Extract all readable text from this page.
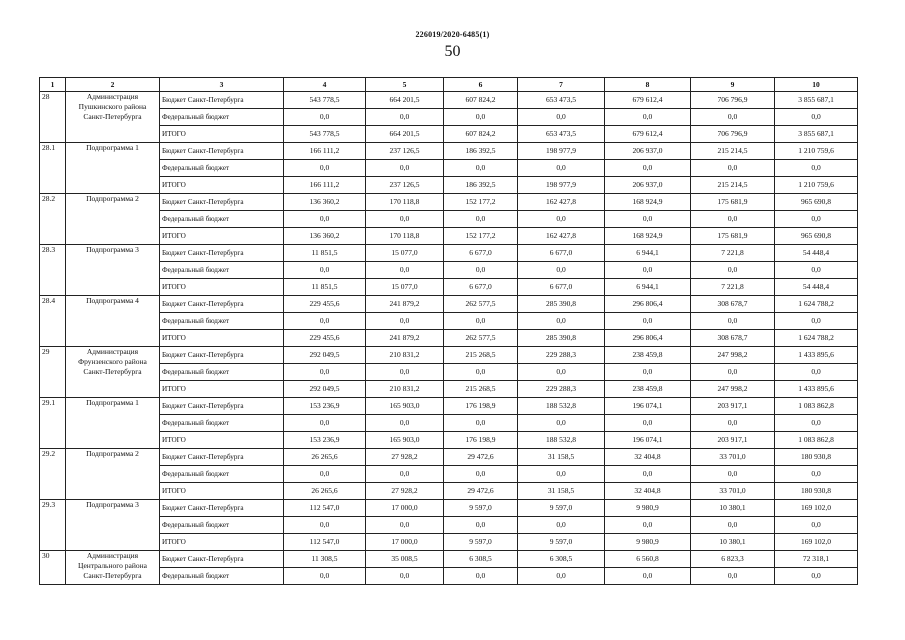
226019/2020-6485(1)
50
1	2	3	4	5	6	7	8	9	10
28	Администрация Пушкинского района Санкт-Петербурга	Бюджет Санкт-Петербурга	543 778,5	664 201,5	607 824,2	653 473,5	679 612,4	706 796,9	3 855 687,1
		Федеральный бюджет	0,0	0,0	0,0	0,0	0,0	0,0	0,0
		ИТОГО	543 778,5	664 201,5	607 824,2	653 473,5	679 612,4	706 796,9	3 855 687,1
28.1	Подпрограмма 1	Бюджет Санкт-Петербурга	166 111,2	237 126,5	186 392,5	198 977,9	206 937,0	215 214,5	1 210 759,6
		Федеральный бюджет	0,0	0,0	0,0	0,0	0,0	0,0	0,0
		ИТОГО	166 111,2	237 126,5	186 392,5	198 977,9	206 937,0	215 214,5	1 210 759,6
28.2	Подпрограмма 2	Бюджет Санкт-Петербурга	136 360,2	170 118,8	152 177,2	162 427,8	168 924,9	175 681,9	965 690,8
		Федеральный бюджет	0,0	0,0	0,0	0,0	0,0	0,0	0,0
		ИТОГО	136 360,2	170 118,8	152 177,2	162 427,8	168 924,9	175 681,9	965 690,8
28.3	Подпрограмма 3	Бюджет Санкт-Петербурга	11 851,5	15 077,0	6 677,0	6 677,0	6 944,1	7 221,8	54 448,4
		Федеральный бюджет	0,0	0,0	0,0	0,0	0,0	0,0	0,0
		ИТОГО	11 851,5	15 077,0	6 677,0	6 677,0	6 944,1	7 221,8	54 448,4
28.4	Подпрограмма 4	Бюджет Санкт-Петербурга	229 455,6	241 879,2	262 577,5	285 390,8	296 806,4	308 678,7	1 624 788,2
		Федеральный бюджет	0,0	0,0	0,0	0,0	0,0	0,0	0,0
		ИТОГО	229 455,6	241 879,2	262 577,5	285 390,8	296 806,4	308 678,7	1 624 788,2
29	Администрация Фрунзенского района Санкт-Петербурга	Бюджет Санкт-Петербурга	292 049,5	210 831,2	215 268,5	229 288,3	238 459,8	247 998,2	1 433 895,6
		Федеральный бюджет	0,0	0,0	0,0	0,0	0,0	0,0	0,0
		ИТОГО	292 049,5	210 831,2	215 268,5	229 288,3	238 459,8	247 998,2	1 433 895,6
29.1	Подпрограмма 1	Бюджет Санкт-Петербурга	153 236,9	165 903,0	176 198,9	188 532,8	196 074,1	203 917,1	1 083 862,8
		Федеральный бюджет	0,0	0,0	0,0	0,0	0,0	0,0	0,0
		ИТОГО	153 236,9	165 903,0	176 198,9	188 532,8	196 074,1	203 917,1	1 083 862,8
29.2	Подпрограмма 2	Бюджет Санкт-Петербурга	26 265,6	27 928,2	29 472,6	31 158,5	32 404,8	33 701,0	180 930,8
		Федеральный бюджет	0,0	0,0	0,0	0,0	0,0	0,0	0,0
		ИТОГО	26 265,6	27 928,2	29 472,6	31 158,5	32 404,8	33 701,0	180 930,8
29.3	Подпрограмма 3	Бюджет Санкт-Петербурга	112 547,0	17 000,0	9 597,0	9 597,0	9 980,9	10 380,1	169 102,0
		Федеральный бюджет	0,0	0,0	0,0	0,0	0,0	0,0	0,0
		ИТОГО	112 547,0	17 000,0	9 597,0	9 597,0	9 980,9	10 380,1	169 102,0
30	Администрация Центрального района Санкт-Петербурга	Бюджет Санкт-Петербурга	11 308,5	35 008,5	6 308,5	6 308,5	6 560,8	6 823,3	72 318,1
		Федеральный бюджет	0,0	0,0	0,0	0,0	0,0	0,0	0,0
